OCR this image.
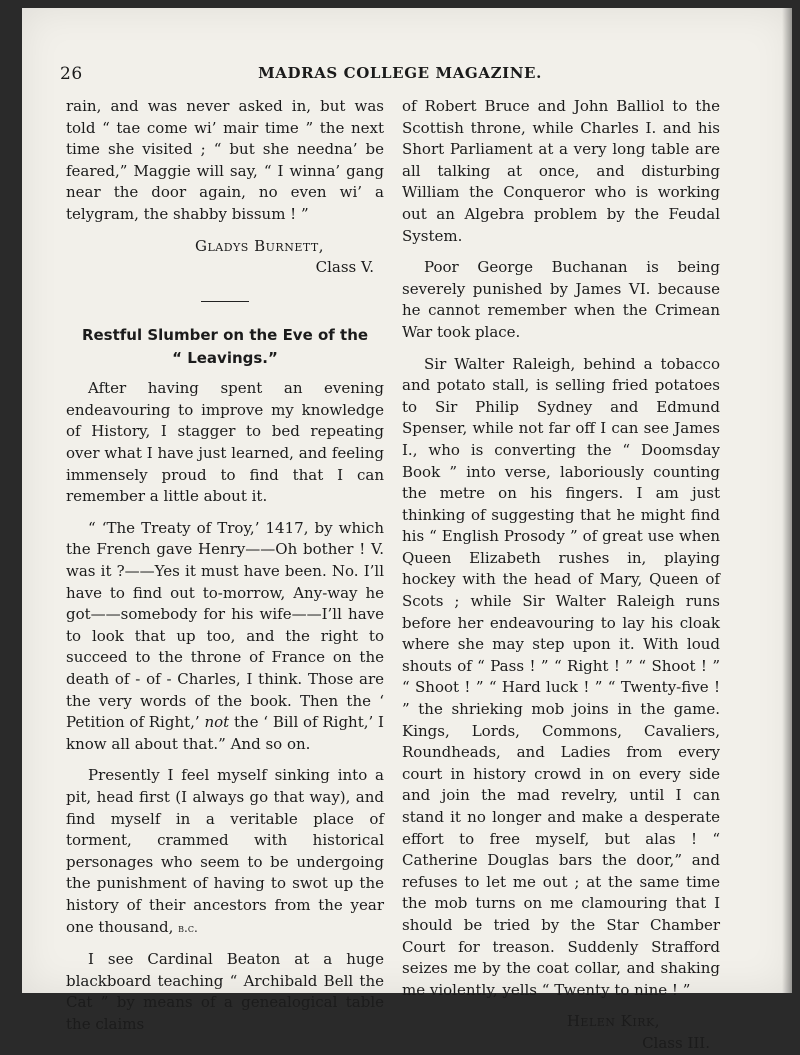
26	MADRAS COLLEGE MAGAZINE.

rain, and was never asked in, but was told “ tae come wi’ mair time ” the next time she visited ; “ but she needna’ be feared,” Maggie will say, “ I winna’ gang near the door again, no even wi’ a telygram, the shabby bissum ! ”

Gladys Burnett,
Class V.
Restful Slumber on the Eve of the
“ Leavings.”

After having spent an evening endeavouring to improve my knowledge of History, I stagger to bed repeating over what I have just learned, and feeling immensely proud to find that I can remember a little about it.

“ ‘The Treaty of Troy,’ 1417, by which the French gave Henry——Oh bother ! V. was it ?——Yes it must have been. No. I’ll have to find out to-morrow, Any-way he got——somebody for his wife——I’ll have to look that up too, and the right to succeed to the throne of France on the death of - of - Charles, I think. Those are the very words of the book. Then the ‘ Petition of Right,’ not the ‘ Bill of Right,’ I know all about that.” And so on.

Presently I feel myself sinking into a pit, head first (I always go that way), and find myself in a veritable place of torment, crammed with historical personages who seem to be undergoing the punishment of having to swot up the history of their ancestors from the year one thousand, b.c.

I see Cardinal Beaton at a huge blackboard teaching “ Archibald Bell the Cat ” by means of a genealogical table the claims

of Robert Bruce and John Balliol to the Scottish throne, while Charles I. and his Short Parliament at a very long table are all talking at once, and disturbing William the Conqueror who is working out an Algebra problem by the Feudal System.

Poor George Buchanan is being severely punished by James VI. because he cannot remember when the Crimean War took place.

Sir Walter Raleigh, behind a tobacco and potato stall, is selling fried potatoes to Sir Philip Sydney and Edmund Spenser, while not far off I can see James I., who is converting the “ Doomsday Book ” into verse, laboriously counting the metre on his fingers. I am just thinking of suggesting that he might find his “ English Prosody ” of great use when Queen Elizabeth rushes in, playing hockey with the head of Mary, Queen of Scots ; while Sir Walter Raleigh runs before her endeavouring to lay his cloak where she may step upon it. With loud shouts of “ Pass ! ” “ Right ! ” “ Shoot ! ” “ Shoot ! ” “ Hard luck ! ” “ Twenty-five ! ” the shrieking mob joins in the game. Kings, Lords, Commons, Cavaliers, Roundheads, and Ladies from every court in history crowd in on every side and join the mad revelry, until I can stand it no longer and make a desperate effort to free myself, but alas ! “ Catherine Douglas bars the door,” and refuses to let me out ; at the same time the mob turns on me clamouring that I should be tried by the Star Chamber Court for treason. Suddenly Strafford seizes me by the coat collar, and shaking me violently, yells “ Twenty to nine ! ”

Helen Kirk,
Class III.
